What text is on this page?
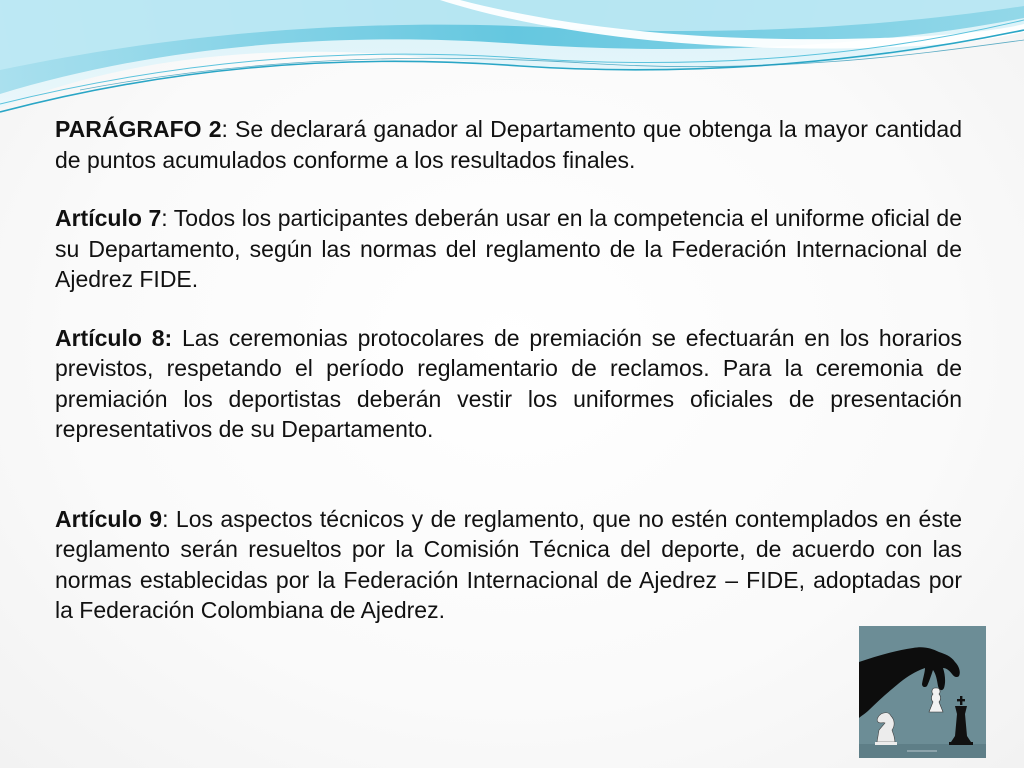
PARÁGRAFO 2: Se declarará ganador al Departamento que obtenga la mayor cantidad de puntos acumulados conforme a los resultados finales.

Artículo 7: Todos los participantes deberán usar en la competencia el uniforme oficial de su Departamento, según las normas del reglamento de la Federación Internacional de Ajedrez FIDE.

Artículo 8: Las ceremonias protocolares de premiación se efectuarán en los horarios previstos, respetando el período reglamentario de reclamos. Para la ceremonia de premiación los deportistas deberán vestir los uniformes oficiales de presentación representativos de su Departamento.

Artículo 9: Los aspectos técnicos y de reglamento, que no estén contemplados en éste reglamento serán resueltos por la Comisión Técnica del deporte, de acuerdo con las normas establecidas por la Federación Internacional de Ajedrez – FIDE, adoptadas por la Federación Colombiana de Ajedrez.
